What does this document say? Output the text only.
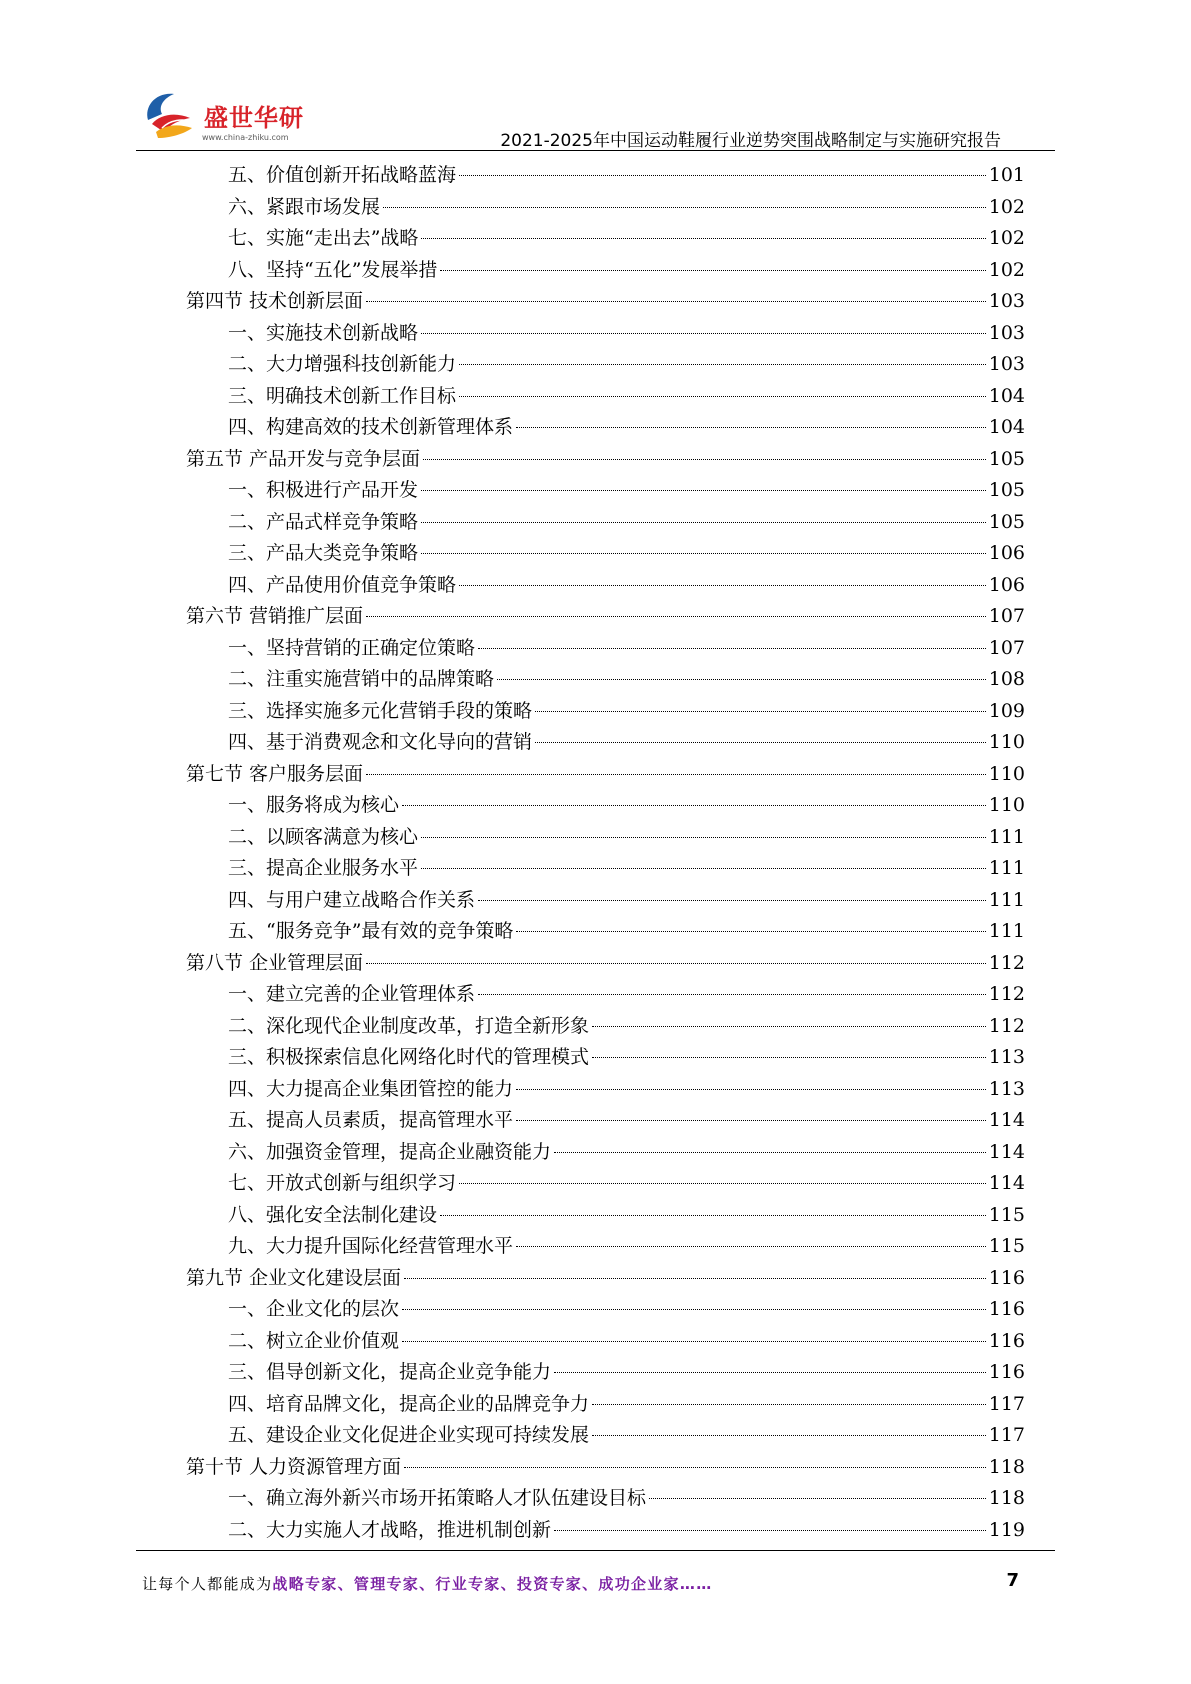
盛世华研
www.china-zhiku.com	2021-2025年中国运动鞋履行业逆势突围战略制定与实施研究报告
五、价值创新开拓战略蓝海	101
六、紧跟市场发展	102
七、实施“走出去”战略	102
八、坚持“五化”发展举措	102
第四节 技术创新层面	103
一、实施技术创新战略	103
二、大力增强科技创新能力	103
三、明确技术创新工作目标	104
四、构建高效的技术创新管理体系	104
第五节 产品开发与竞争层面	105
一、积极进行产品开发	105
二、产品式样竞争策略	105
三、产品大类竞争策略	106
四、产品使用价值竞争策略	106
第六节 营销推广层面	107
一、坚持营销的正确定位策略	107
二、注重实施营销中的品牌策略	108
三、选择实施多元化营销手段的策略	109
四、基于消费观念和文化导向的营销	110
第七节 客户服务层面	110
一、服务将成为核心	110
二、以顾客满意为核心	111
三、提高企业服务水平	111
四、与用户建立战略合作关系	111
五、“服务竞争”最有效的竞争策略	111
第八节 企业管理层面	112
一、建立完善的企业管理体系	112
二、深化现代企业制度改革，打造全新形象	112
三、积极探索信息化网络化时代的管理模式	113
四、大力提高企业集团管控的能力	113
五、提高人员素质，提高管理水平	114
六、加强资金管理，提高企业融资能力	114
七、开放式创新与组织学习	114
八、强化安全法制化建设	115
九、大力提升国际化经营管理水平	115
第九节 企业文化建设层面	116
一、企业文化的层次	116
二、树立企业价值观	116
三、倡导创新文化，提高企业竞争能力	116
四、培育品牌文化，提高企业的品牌竞争力	117
五、建设企业文化促进企业实现可持续发展	117
第十节 人力资源管理方面	118
一、确立海外新兴市场开拓策略人才队伍建设目标	118
二、大力实施人才战略，推进机制创新	119
让每个人都能成为战略专家、管理专家、行业专家、投资专家、成功企业家……	7
